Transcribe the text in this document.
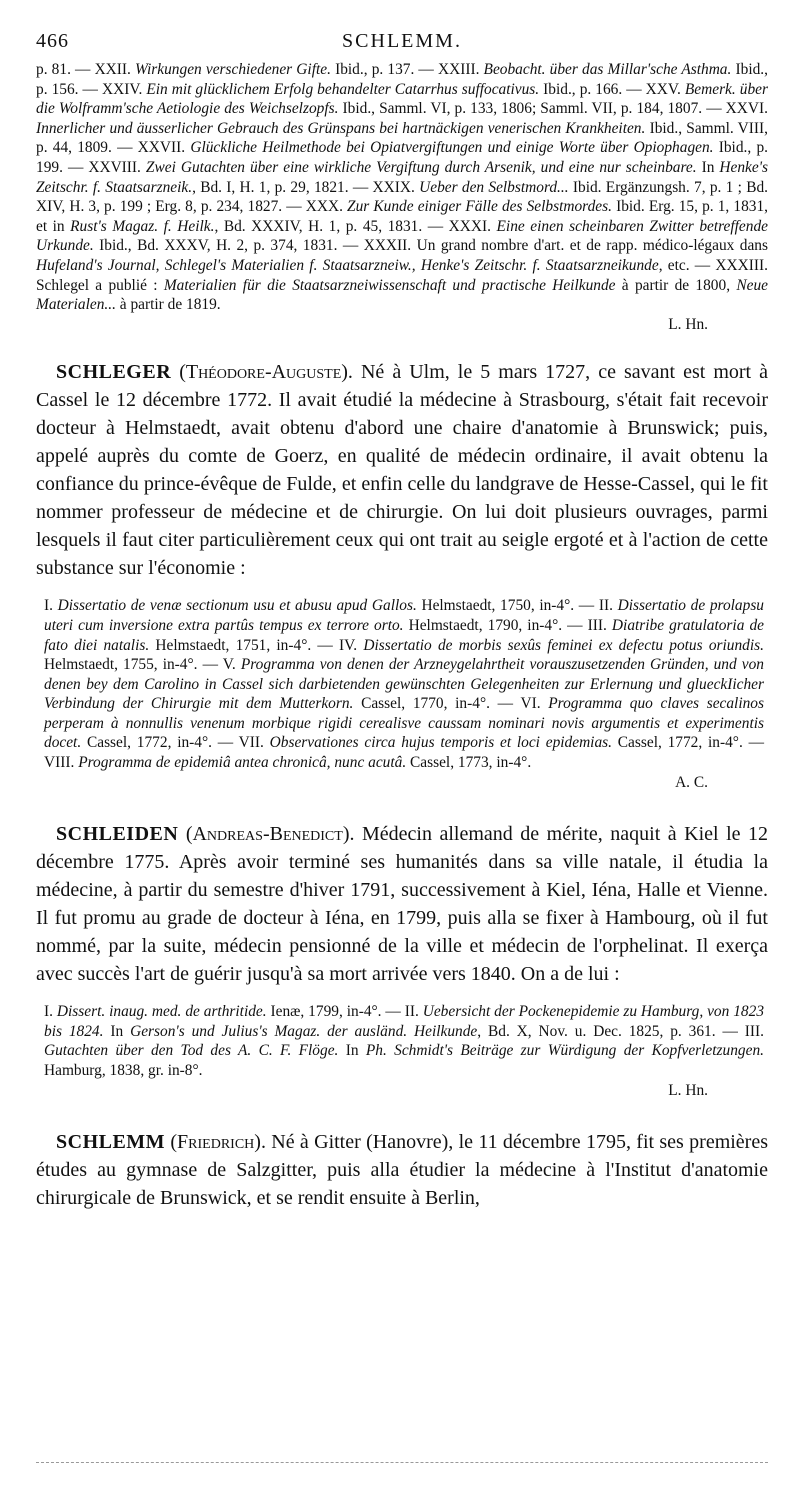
466	SCHLEMM.
p. 81. — XXII. Wirkungen verschiedener Gifte. Ibid., p. 137. — XXIII. Beobacht. über das Millar'sche Asthma. Ibid., p. 156. — XXIV. Ein mit glücklichem Erfolg behandelter Catarrhus suffocativus. Ibid., p. 166. — XXV. Bemerk. über die Wolframm'sche Aetiologie des Weichselzopfs. Ibid., Samml. VI, p. 133, 1806; Samml. VII, p. 184, 1807. — XXVI. Innerlicher und äusserlicher Gebrauch des Grünspans bei hartnäckigen venerischen Krankheiten. Ibid., Samml. VIII, p. 44, 1809. — XXVII. Glückliche Heilmethode bei Opiatvergiftungen und einige Worte über Opiophagen. Ibid., p. 199. — XXVIII. Zwei Gutachten über eine wirkliche Vergiftung durch Arsenik, und eine nur scheinbare. In Henke's Zeitschr. f. Staatsarzneik., Bd. I, H. 1, p. 29, 1821. — XXIX. Ueber den Selbstmord... Ibid. Ergänzungsh. 7, p. 1 ; Bd. XIV, H. 3, p. 199 ; Erg. 8, p. 234, 1827. — XXX. Zur Kunde einiger Fälle des Selbstmordes. Ibid. Erg. 15, p. 1, 1831, et in Rust's Magaz. f. Heilk., Bd. XXXIV, H. 1, p. 45, 1831. — XXXI. Eine einen scheinbaren Zwitter betreffende Urkunde. Ibid., Bd. XXXV, H. 2, p. 374, 1831. — XXXII. Un grand nombre d'art. et de rapp. médico-légaux dans Hufeland's Journal, Schlegel's Materialien f. Staatsarzneiw., Henke's Zeitschr. f. Staatsarzneikunde, etc. — XXXIII. Schlegel a publié : Materialien für die Staatsarzneiwissenschaft und practische Heilkunde à partir de 1800, Neue Materialen... à partir de 1819.
L. Hn.
SCHLEGER (Théodore-Auguste). Né à Ulm, le 5 mars 1727, ce savant est mort à Cassel le 12 décembre 1772. Il avait étudié la médecine à Strasbourg, s'était fait recevoir docteur à Helmstaedt, avait obtenu d'abord une chaire d'anatomie à Brunswick; puis, appelé auprès du comte de Goerz, en qualité de médecin ordinaire, il avait obtenu la confiance du prince-évêque de Fulde, et enfin celle du landgrave de Hesse-Cassel, qui le fit nommer professeur de médecine et de chirurgie. On lui doit plusieurs ouvrages, parmi lesquels il faut citer particulièrement ceux qui ont trait au seigle ergoté et à l'action de cette substance sur l'économie :
I. Dissertatio de venæ sectionum usu et abusu apud Gallos. Helmstaedt, 1750, in-4°. — II. Dissertatio de prolapsu uteri cum inversione extra partûs tempus ex terrore orto. Helmstaedt, 1790, in-4°. — III. Diatribe gratulatoria de fato diei natalis. Helmstaedt, 1751, in-4°. — IV. Dissertatio de morbis sexûs feminei ex defectu potus oriundis. Helmstaedt, 1755, in-4°. — V. Programma von denen der Arzneygelahrtheit vorauszusetzenden Gründen, und von denen bey dem Carolino in Cassel sich darbietenden gewünschten Gelegenheiten zur Erlernung und glueckIicher Verbindung der Chirurgie mit dem Mutterkorn. Cassel, 1770, in-4°. — VI. Programma quo claves secalinos perperam à nonnullis venenum morbique rigidi cerealisve caussam nominari novis argumentis et experimentis docet. Cassel, 1772, in-4°. — VII. Observationes circa hujus temporis et loci epidemias. Cassel, 1772, in-4°. — VIII. Programma de epidemiâ antea chronicâ, nunc acutâ. Cassel, 1773, in-4°.
A. C.
SCHLEIDEN (Andreas-Benedict). Médecin allemand de mérite, naquit à Kiel le 12 décembre 1775. Après avoir terminé ses humanités dans sa ville natale, il étudia la médecine, à partir du semestre d'hiver 1791, successivement à Kiel, Iéna, Halle et Vienne. Il fut promu au grade de docteur à Iéna, en 1799, puis alla se fixer à Hambourg, où il fut nommé, par la suite, médecin pensionné de la ville et médecin de l'orphelinat. Il exerça avec succès l'art de guérir jusqu'à sa mort arrivée vers 1840. On a de lui :
I. Dissert. inaug. med. de arthritide. Ienæ, 1799, in-4°. — II. Uebersicht der Pockenepidemie zu Hamburg, von 1823 bis 1824. In Gerson's und Julius's Magaz. der ausländ. Heilkunde, Bd. X, Nov. u. Dec. 1825, p. 361. — III. Gutachten über den Tod des A. C. F. Flöge. In Ph. Schmidt's Beiträge zur Würdigung der Kopfverletzungen. Hamburg, 1838, gr. in-8°.
L. Hn.
SCHLEMM (Friedrich). Né à Gitter (Hanovre), le 11 décembre 1795, fit ses premières études au gymnase de Salzgitter, puis alla étudier la médecine à l'Institut d'anatomie chirurgicale de Brunswick, et se rendit ensuite à Berlin,
